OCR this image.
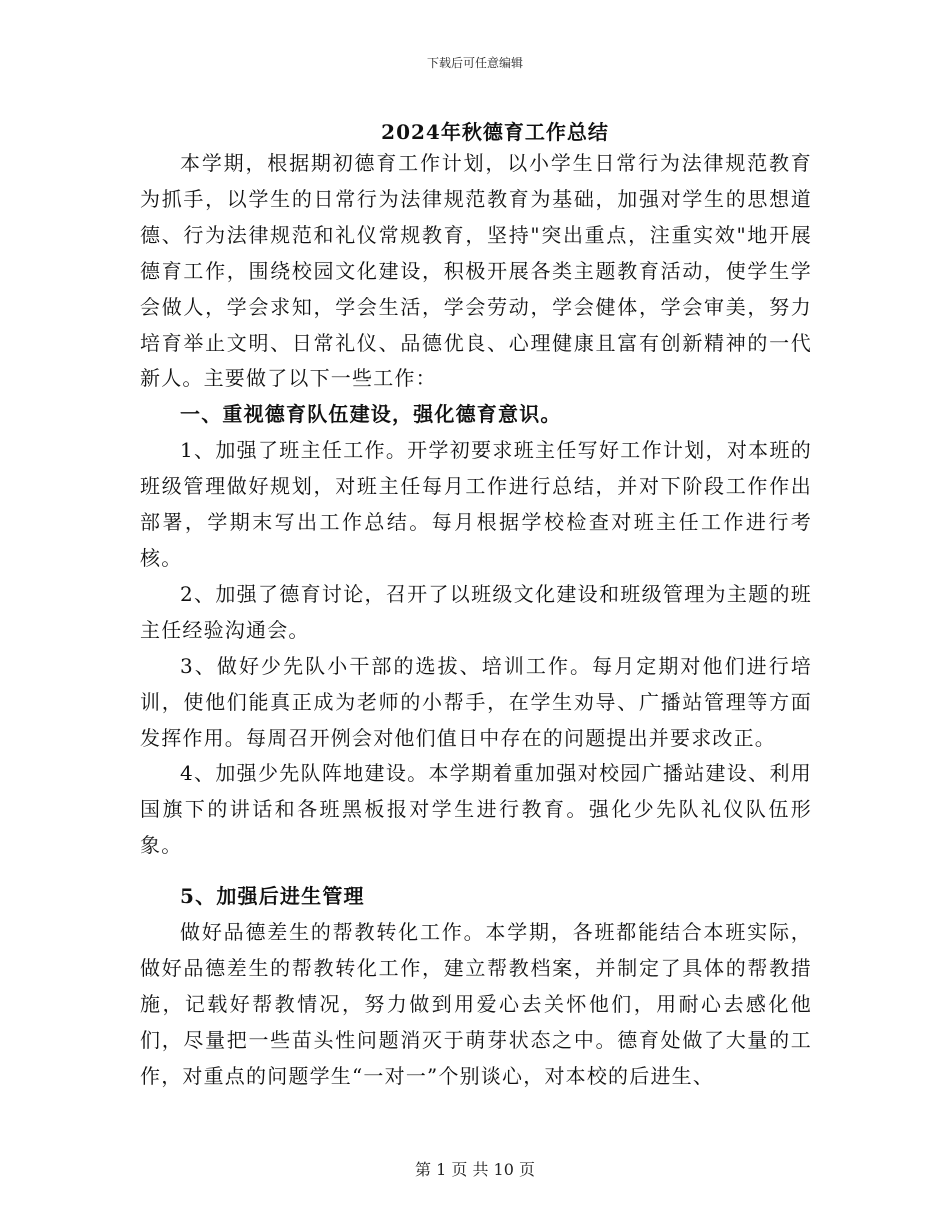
下载后可任意编辑
2024年秋德育工作总结

本学期，根据期初德育工作计划，以小学生日常行为法律规范教育为抓手，以学生的日常行为法律规范教育为基础，加强对学生的思想道德、行为法律规范和礼仪常规教育，坚持"突出重点，注重实效"地开展德育工作，围绕校园文化建设，积极开展各类主题教育活动，使学生学会做人，学会求知，学会生活，学会劳动，学会健体，学会审美，努力培育举止文明、日常礼仪、品德优良、心理健康且富有创新精神的一代新人。主要做了以下一些工作：

一、重视德育队伍建设，强化德育意识。

1、加强了班主任工作。开学初要求班主任写好工作计划，对本班的班级管理做好规划，对班主任每月工作进行总结，并对下阶段工作作出部署，学期末写出工作总结。每月根据学校检查对班主任工作进行考核。

2、加强了德育讨论，召开了以班级文化建设和班级管理为主题的班主任经验沟通会。

3、做好少先队小干部的选拔、培训工作。每月定期对他们进行培训，使他们能真正成为老师的小帮手，在学生劝导、广播站管理等方面发挥作用。每周召开例会对他们值日中存在的问题提出并要求改正。

4、加强少先队阵地建设。本学期着重加强对校园广播站建设、利用国旗下的讲话和各班黑板报对学生进行教育。强化少先队礼仪队伍形象。

5、加强后进生管理

做好品德差生的帮教转化工作。本学期，各班都能结合本班实际，做好品德差生的帮教转化工作，建立帮教档案，并制定了具体的帮教措施，记载好帮教情况，努力做到用爱心去关怀他们，用耐心去感化他们，尽量把一些苗头性问题消灭于萌芽状态之中。德育处做了大量的工作，对重点的问题学生“一对一”个别谈心，对本校的后进生、

第 1 页 共 10 页
